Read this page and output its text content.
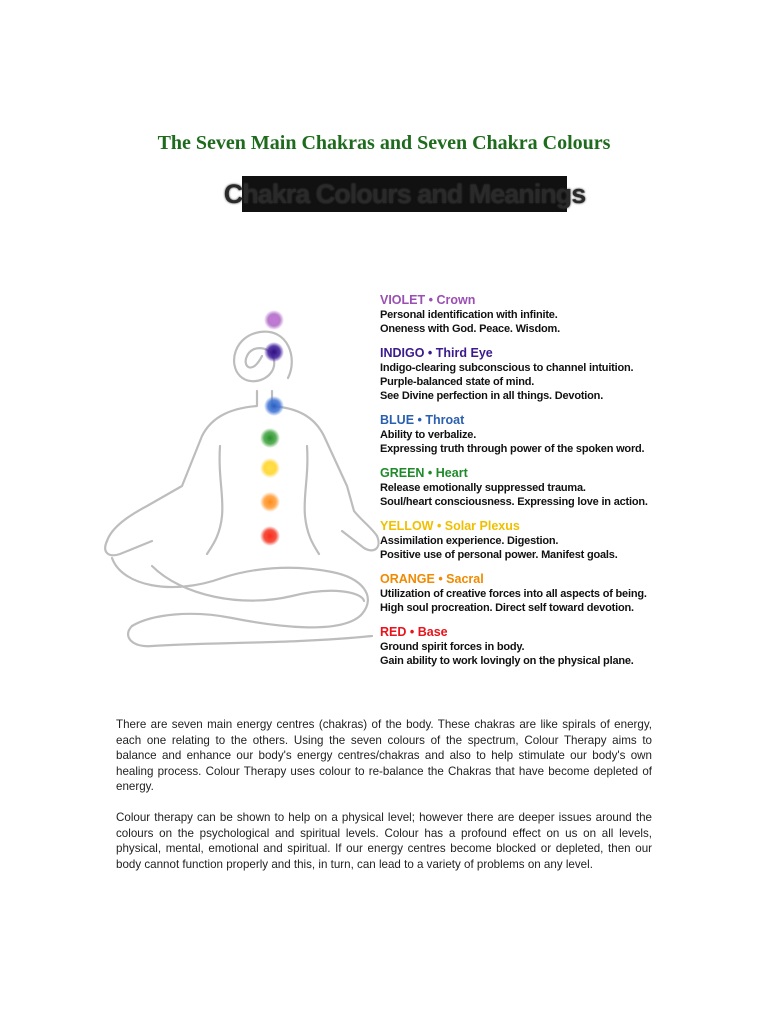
The Seven Main Chakras and Seven Chakra Colours
Chakra Colours and Meanings
VIOLET • Crown
Personal identification with infinite.
Oneness with God. Peace. Wisdom.
INDIGO • Third Eye
Indigo-clearing subconscious to channel intuition.
Purple-balanced state of mind.
See Divine perfection in all things. Devotion.
BLUE • Throat
Ability to verbalize.
Expressing truth through power of the spoken word.
GREEN • Heart
Release emotionally suppressed trauma.
Soul/heart consciousness. Expressing love in action.
YELLOW • Solar Plexus
Assimilation experience. Digestion.
Positive use of personal power. Manifest goals.
ORANGE • Sacral
Utilization of creative forces into all aspects of being.
High soul procreation. Direct self toward devotion.
RED • Base
Ground spirit forces in body.
Gain ability to work lovingly on the physical plane.

There are seven main energy centres (chakras) of the body. These chakras are like spirals of energy, each one relating to the others. Using the seven colours of the spectrum, Colour Therapy aims to balance and enhance our body's energy centres/chakras and also to help stimulate our body's own healing process. Colour Therapy uses colour to re-balance the Chakras that have become depleted of energy.

Colour therapy can be shown to help on a physical level; however there are deeper issues around the colours on the psychological and spiritual levels. Colour has a profound effect on us on all levels, physical, mental, emotional and spiritual. If our energy centres become blocked or depleted, then our body cannot function properly and this, in turn, can lead to a variety of problems on any level.
